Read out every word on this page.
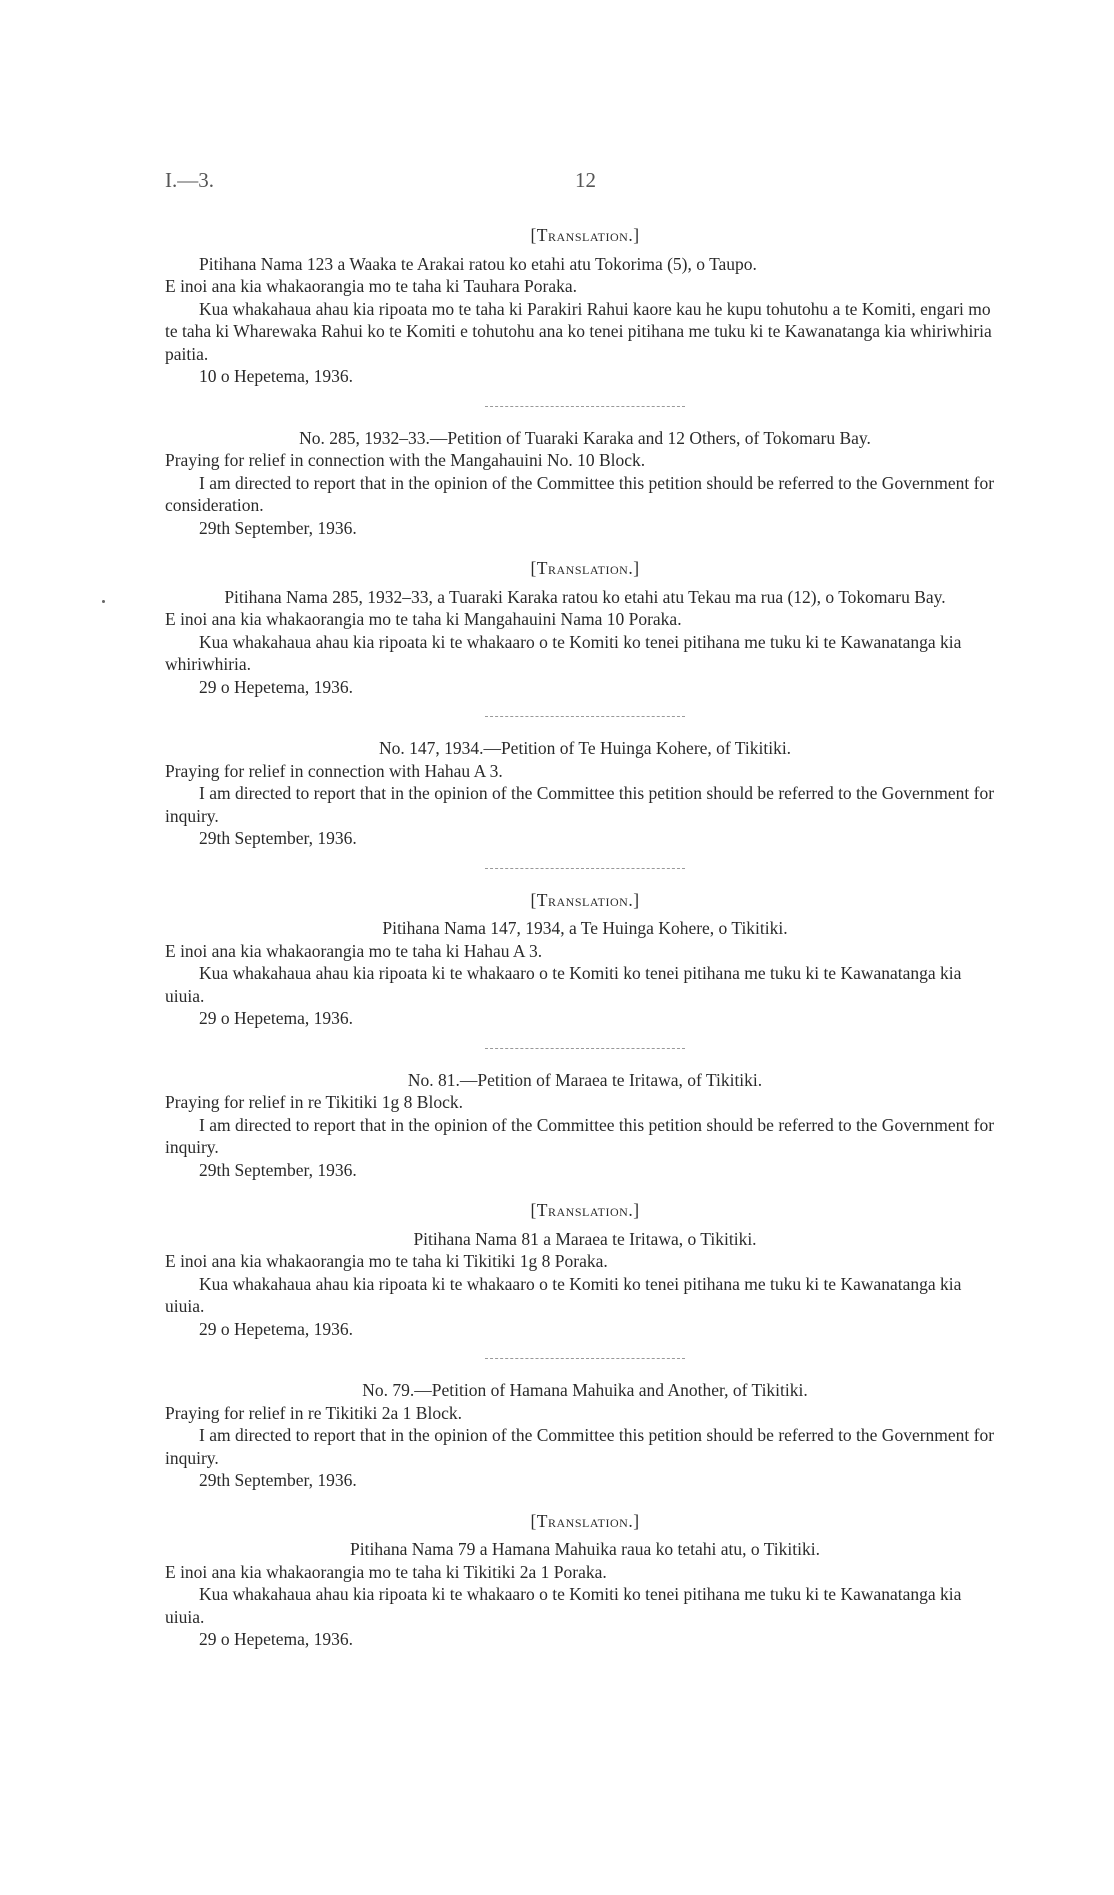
I.—3.	12

[Translation.]

Pitihana Nama 123 a Waaka te Arakai ratou ko etahi atu Tokorima (5), o Taupo.

E inoi ana kia whakaorangia mo te taha ki Tauhara Poraka.

Kua whakahaua ahau kia ripoata mo te taha ki Parakiri Rahui kaore kau he kupu tohutohu a te Komiti, engari mo te taha ki Wharewaka Rahui ko te Komiti e tohutohu ana ko tenei pitihana me tuku ki te Kawanatanga kia whiriwhiria paitia.

10 o Hepetema, 1936.

No. 285, 1932–33.—Petition of Tuaraki Karaka and 12 Others, of Tokomaru Bay.

Praying for relief in connection with the Mangahauini No. 10 Block.

I am directed to report that in the opinion of the Committee this petition should be referred to the Government for consideration.

29th September, 1936.

[Translation.]

Pitihana Nama 285, 1932–33, a Tuaraki Karaka ratou ko etahi atu Tekau ma rua (12), o Tokomaru Bay.

E inoi ana kia whakaorangia mo te taha ki Mangahauini Nama 10 Poraka.

Kua whakahaua ahau kia ripoata ki te whakaaro o te Komiti ko tenei pitihana me tuku ki te Kawanatanga kia whiriwhiria.

29 o Hepetema, 1936.

No. 147, 1934.—Petition of Te Huinga Kohere, of Tikitiki.

Praying for relief in connection with Hahau A 3.

I am directed to report that in the opinion of the Committee this petition should be referred to the Government for inquiry.

29th September, 1936.

[Translation.]

Pitihana Nama 147, 1934, a Te Huinga Kohere, o Tikitiki.

E inoi ana kia whakaorangia mo te taha ki Hahau A 3.

Kua whakahaua ahau kia ripoata ki te whakaaro o te Komiti ko tenei pitihana me tuku ki te Kawanatanga kia uiuia.

29 o Hepetema, 1936.

No. 81.—Petition of Maraea te Iritawa, of Tikitiki.

Praying for relief in re Tikitiki 1g 8 Block.

I am directed to report that in the opinion of the Committee this petition should be referred to the Government for inquiry.

29th September, 1936.

[Translation.]

Pitihana Nama 81 a Maraea te Iritawa, o Tikitiki.

E inoi ana kia whakaorangia mo te taha ki Tikitiki 1g 8 Poraka.

Kua whakahaua ahau kia ripoata ki te whakaaro o te Komiti ko tenei pitihana me tuku ki te Kawanatanga kia uiuia.

29 o Hepetema, 1936.

No. 79.—Petition of Hamana Mahuika and Another, of Tikitiki.

Praying for relief in re Tikitiki 2a 1 Block.

I am directed to report that in the opinion of the Committee this petition should be referred to the Government for inquiry.

29th September, 1936.

[Translation.]

Pitihana Nama 79 a Hamana Mahuika raua ko tetahi atu, o Tikitiki.

E inoi ana kia whakaorangia mo te taha ki Tikitiki 2a 1 Poraka.

Kua whakahaua ahau kia ripoata ki te whakaaro o te Komiti ko tenei pitihana me tuku ki te Kawanatanga kia uiuia.

29 o Hepetema, 1936.
